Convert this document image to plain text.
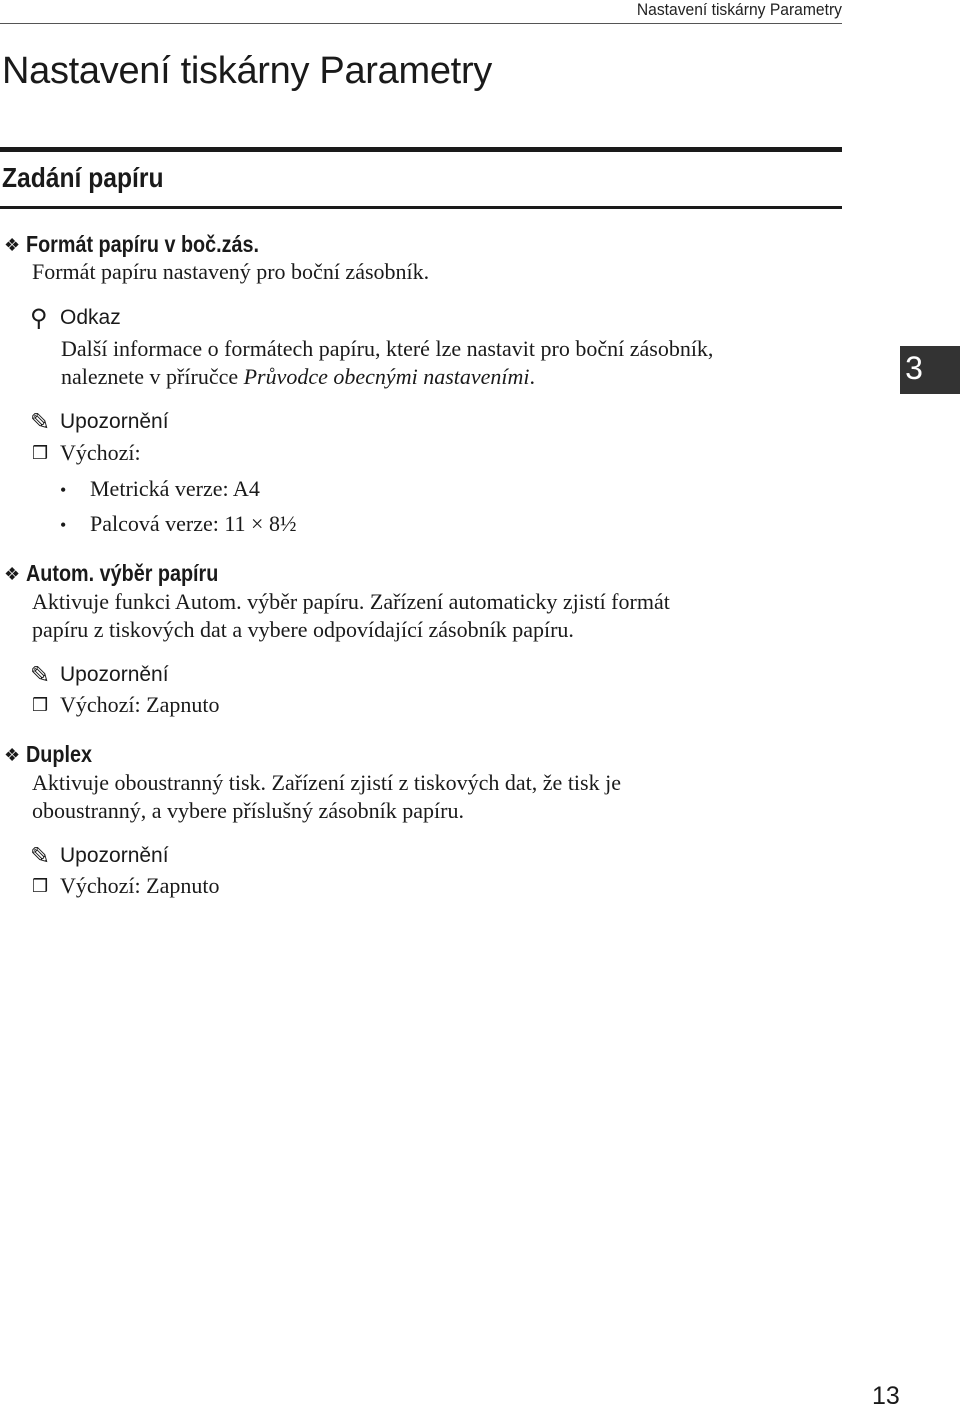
Nastavení tiskárny Parametry
Nastavení tiskárny Parametry
Zadání papíru
3
❖ Formát papíru v boč.zás.
Formát papíru nastavený pro boční zásobník.
⚲ Odkaz
Další informace o formátech papíru, které lze nastavit pro boční zásobník,
naleznete v příručce Průvodce obecnými nastaveními.
✎ Upozornění
❒ Výchozí:
• Metrická verze: A4
• Palcová verze: 11 × 8½
❖ Autom. výběr papíru
Aktivuje funkci Autom. výběr papíru. Zařízení automaticky zjistí formát
papíru z tiskových dat a vybere odpovídající zásobník papíru.
✎ Upozornění
❒ Výchozí: Zapnuto
❖ Duplex
Aktivuje oboustranný tisk. Zařízení zjistí z tiskových dat, že tisk je
oboustranný, a vybere příslušný zásobník papíru.
✎ Upozornění
❒ Výchozí: Zapnuto
13
